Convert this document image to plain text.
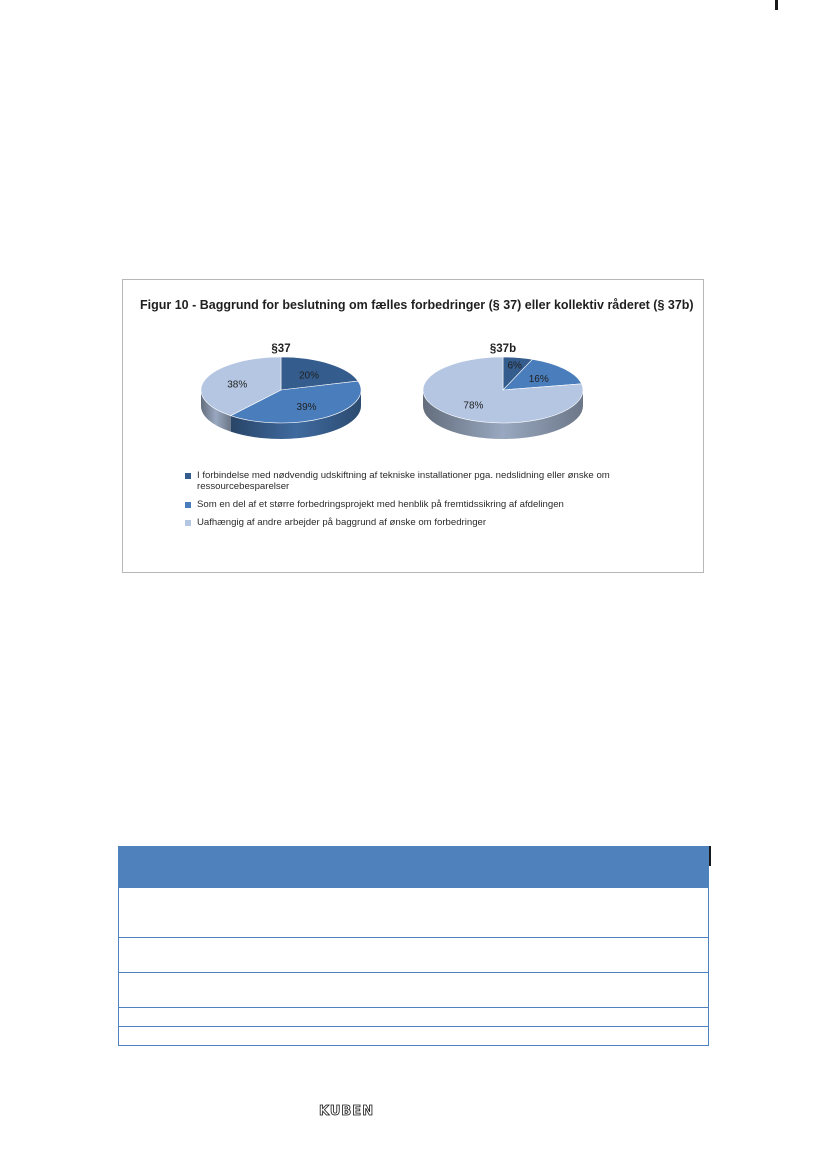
Figur 10 - Baggrund for beslutning om fælles forbedringer (§ 37) eller kollektiv råderet (§ 37b)

20%
39%
38%
§37
6%
16%
78%
§37b
I forbindelse med nødvendig udskiftning af tekniske installationer pga. nedslidning eller ønske om ressourcebesparelser
Som en del af et større forbedringsprojekt med henblik på fremtidssikring af afdelingen
Uafhængig af andre arbejder på baggrund af ønske om forbedringer
KUBEN
